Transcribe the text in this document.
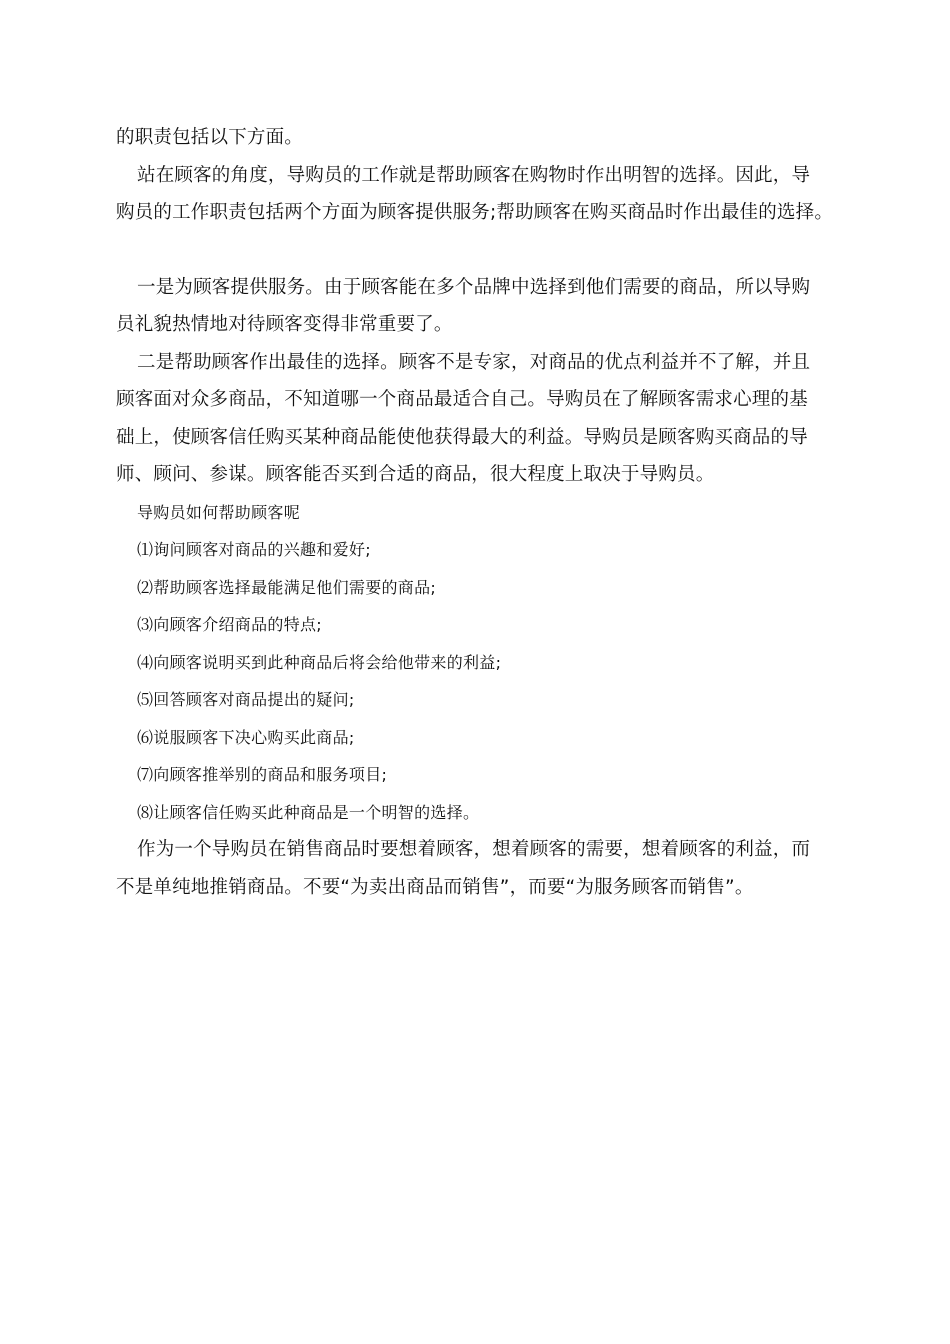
的职责包括以下方面。
站在顾客的角度，导购员的工作就是帮助顾客在购物时作出明智的选择。因此，导
购员的工作职责包括两个方面为顾客提供服务;帮助顾客在购买商品时作出最佳的选择。
一是为顾客提供服务。由于顾客能在多个品牌中选择到他们需要的商品，所以导购
员礼貌热情地对待顾客变得非常重要了。
二是帮助顾客作出最佳的选择。顾客不是专家，对商品的优点利益并不了解，并且
顾客面对众多商品，不知道哪一个商品最适合自己。导购员在了解顾客需求心理的基
础上，使顾客信任购买某种商品能使他获得最大的利益。导购员是顾客购买商品的导
师、顾问、参谋。顾客能否买到合适的商品，很大程度上取决于导购员。
导购员如何帮助顾客呢
⑴询问顾客对商品的兴趣和爱好;
⑵帮助顾客选择最能满足他们需要的商品;
⑶向顾客介绍商品的特点;
⑷向顾客说明买到此种商品后将会给他带来的利益;
⑸回答顾客对商品提出的疑问;
⑹说服顾客下决心购买此商品;
⑺向顾客推举别的商品和服务项目;
⑻让顾客信任购买此种商品是一个明智的选择。
作为一个导购员在销售商品时要想着顾客，想着顾客的需要，想着顾客的利益，而
不是单纯地推销商品。不要“为卖出商品而销售”，而要“为服务顾客而销售”。
